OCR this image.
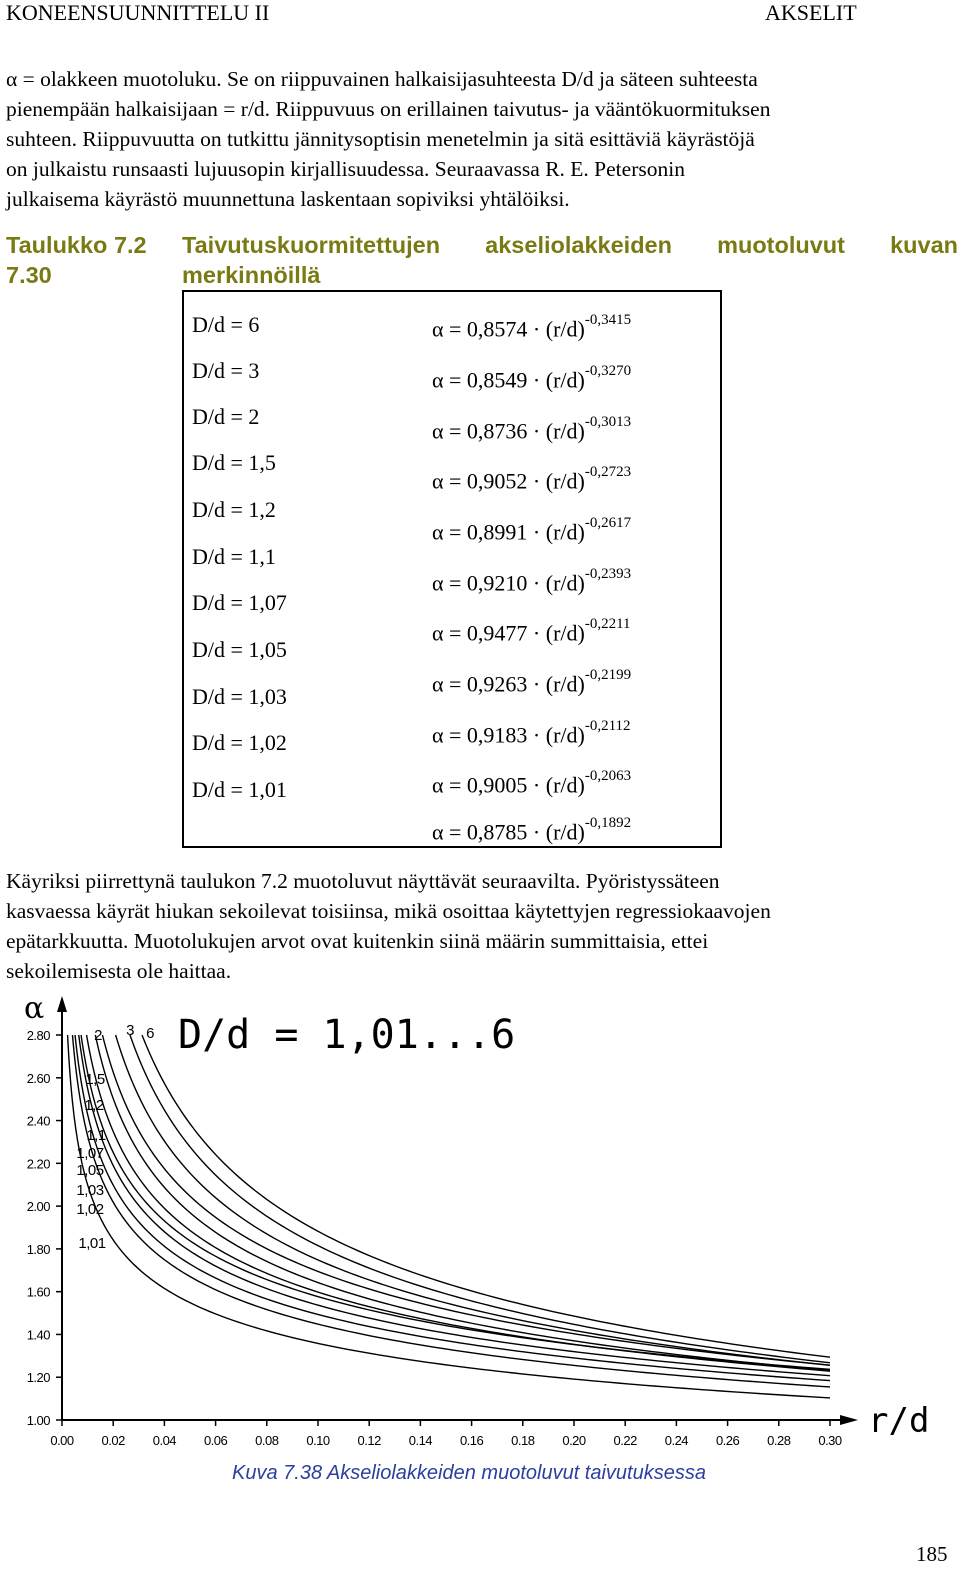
KONEENSUUNNITTELU II	AKSELIT

α = olakkeen muotoluku. Se on riippuvainen halkaisijasuhteesta D/d ja säteen suhteesta

pienempään halkaisijaan = r/d. Riippuvuus on erillainen taivutus- ja vääntökuormituksen

suhteen. Riippuvuutta on tutkittu jännitysoptisin menetelmin ja sitä esittäviä käyrästöjä

on julkaistu runsaasti lujuusopin kirjallisuudessa. Seuraavassa R. E. Petersonin

julkaisema käyrästö muunnettuna laskentaan sopiviksi yhtälöiksi.

Taulukko 7.2
7.30
Taivutuskuormitettujen akseliolakkeiden muotoluvut kuvan
merkinnöillä
D/d = 6
D/d = 3
D/d = 2
D/d = 1,5
D/d = 1,2
D/d = 1,1
D/d = 1,07
D/d = 1,05
D/d = 1,03
D/d = 1,02
D/d = 1,01
$\alpha = 0,8574 \cdot (r/d)^{-0,3415}$
$\alpha = 0,8549 \cdot (r/d)^{-0,3270}$
$\alpha = 0,8736 \cdot (r/d)^{-0,3013}$
$\alpha = 0,9052 \cdot (r/d)^{-0,2723}$
$\alpha = 0,8991 \cdot (r/d)^{-0,2617}$
$\alpha = 0,9210 \cdot (r/d)^{-0,2393}$
$\alpha = 0,9477 \cdot (r/d)^{-0,2211}$
$\alpha = 0,9263 \cdot (r/d)^{-0,2199}$
$\alpha = 0,9183 \cdot (r/d)^{-0,2112}$
$\alpha = 0,9005 \cdot (r/d)^{-0,2063}$
$\alpha = 0,8785 \cdot (r/d)^{-0,1892}$

Käyriksi piirrettynä taulukon 7.2 muotoluvut näyttävät seuraavilta. Pyöristyssäteen

kasvaessa käyrät hiukan sekoilevat toisiinsa, mikä osoittaa käytettyjen regressiokaavojen

epätarkkuutta. Muotolukujen arvot ovat kuitenkin siinä määrin summittaisia, ettei

sekoilemisesta ole haittaa.

α
r/d
D/d = 1,01...6
1.00
1.20
1.40
1.60
1.80
2.00
2.20
2.40
2.60
2.80
0.00 0.02 0.04 0.06 0.08 0.10 0.12 0.14 0.16 0.18 0.20 0.22 0.24 0.26 0.28 0.30
6
3
2
1,5
1,2
1,1
1,07
1,05
1,03
1,02
1,01
Kuva 7.38 Akseliolakkeiden muotoluvut taivutuksessa
185
